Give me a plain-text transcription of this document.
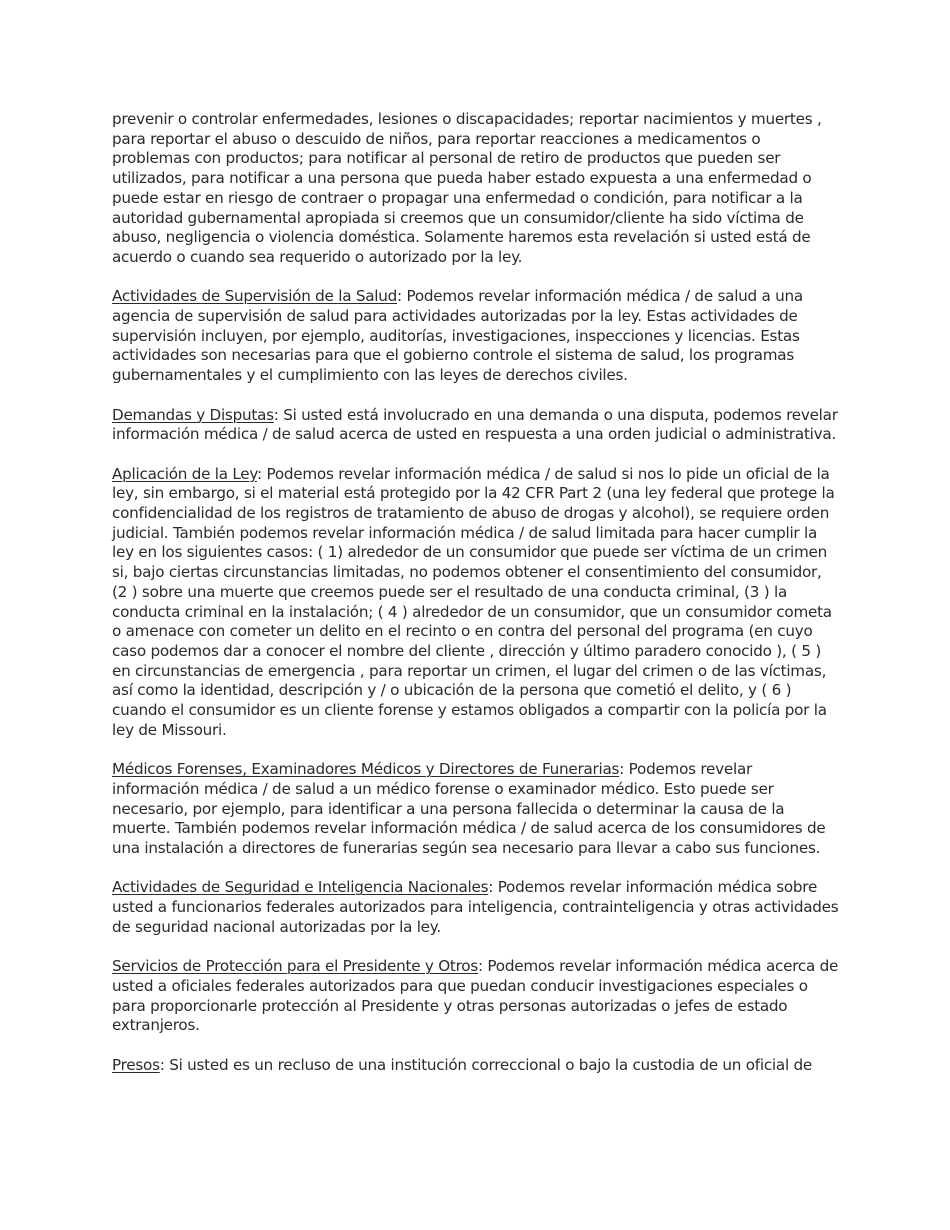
prevenir o controlar enfermedades, lesiones o discapacidades; reportar nacimientos y muertes , para reportar el abuso o descuido de niños, para reportar reacciones a medicamentos o problemas con productos; para notificar al personal de retiro de productos que pueden ser utilizados, para notificar a una persona que pueda haber estado expuesta a una enfermedad o puede estar en riesgo de contraer o propagar una enfermedad o condición, para notificar a la autoridad gubernamental apropiada si creemos que un consumidor/cliente ha sido víctima de abuso, negligencia o violencia doméstica. Solamente haremos esta revelación si usted está de acuerdo o cuando sea requerido o autorizado por la ley.

Actividades de Supervisión de la Salud: Podemos revelar información médica / de salud a una agencia de supervisión de salud para actividades autorizadas por la ley. Estas actividades de supervisión incluyen, por ejemplo, auditorías, investigaciones, inspecciones y licencias. Estas actividades son necesarias para que el gobierno controle el sistema de salud, los programas gubernamentales y el cumplimiento con las leyes de derechos civiles.

Demandas y Disputas: Si usted está involucrado en una demanda o una disputa, podemos revelar información médica / de salud acerca de usted en respuesta a una orden judicial o administrativa.

Aplicación de la Ley: Podemos revelar información médica / de salud si nos lo pide un oficial de la ley, sin embargo, si el material está protegido por la 42 CFR Part 2 (una ley federal que protege la confidencialidad de los registros de tratamiento de abuso de drogas y alcohol), se requiere orden judicial. También podemos revelar información médica / de salud limitada para hacer cumplir la ley en los siguientes casos: ( 1) alrededor de un consumidor que puede ser víctima de un crimen si, bajo ciertas circunstancias limitadas, no podemos obtener el consentimiento del consumidor, (2 ) sobre una muerte que creemos puede ser el resultado de una conducta criminal, (3 ) la conducta criminal en la instalación; ( 4 ) alrededor de un consumidor, que un consumidor cometa o amenace con cometer un delito en el recinto o en contra del personal del programa (en cuyo caso podemos dar a conocer el nombre del cliente , dirección y último paradero conocido ), ( 5 ) en circunstancias de emergencia , para reportar un crimen, el lugar del crimen o de las víctimas, así como la identidad, descripción y / o ubicación de la persona que cometió el delito, y ( 6 ) cuando el consumidor es un cliente forense y estamos obligados a compartir con la policía por la ley de Missouri.

Médicos Forenses, Examinadores Médicos y Directores de Funerarias: Podemos revelar información médica / de salud a un médico forense o examinador médico. Esto puede ser necesario, por ejemplo, para identificar a una persona fallecida o determinar la causa de la muerte. También podemos revelar información médica / de salud acerca de los consumidores de una instalación a directores de funerarias según sea necesario para llevar a cabo sus funciones.

Actividades de Seguridad e Inteligencia Nacionales: Podemos revelar información médica sobre usted a funcionarios federales autorizados para inteligencia, contrainteligencia y otras actividades de seguridad nacional autorizadas por la ley.

Servicios de Protección para el Presidente y Otros: Podemos revelar información médica acerca de usted a oficiales federales autorizados para que puedan conducir investigaciones especiales o para proporcionarle protección al Presidente y otras personas autorizadas o jefes de estado extranjeros.

Presos: Si usted es un recluso de una institución correccional o bajo la custodia de un oficial de
